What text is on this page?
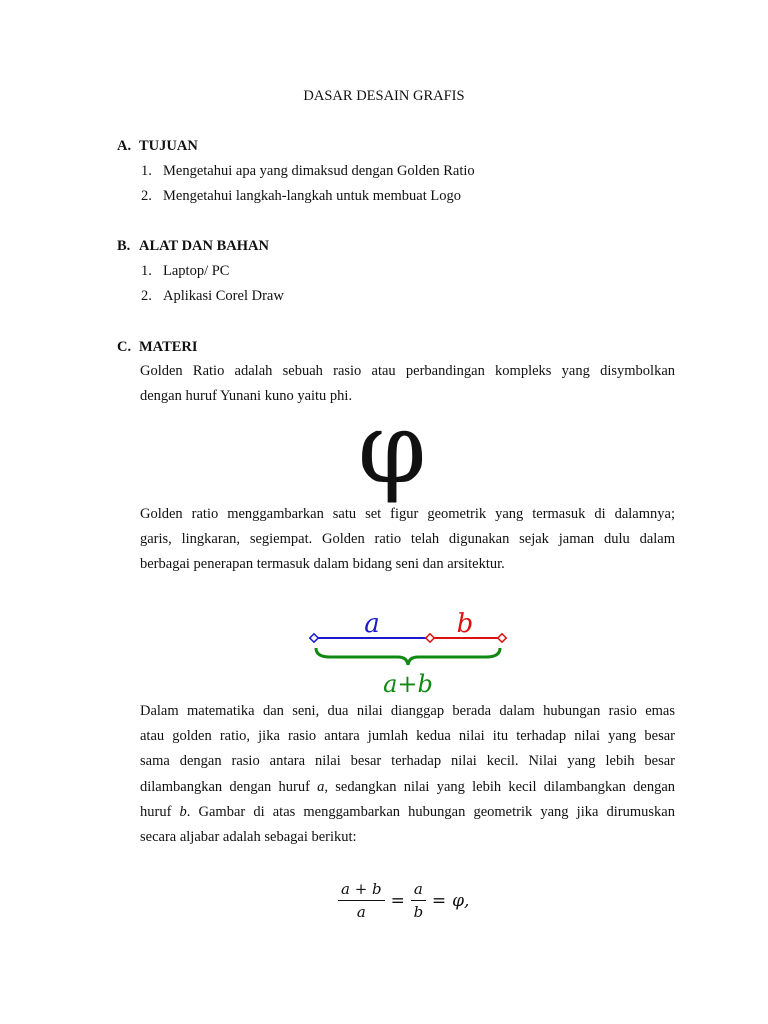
DASAR DESAIN GRAFIS
A. TUJUAN
1. Mengetahui apa yang dimaksud dengan Golden Ratio
2. Mengetahui langkah-langkah untuk membuat Logo
B. ALAT DAN BAHAN
1. Laptop/ PC
2. Aplikasi Corel Draw
C. MATERI
Golden Ratio adalah sebuah rasio atau perbandingan kompleks yang disymbolkan
dengan huruf Yunani kuno yaitu phi. φ
Golden ratio menggambarkan satu set figur geometrik yang termasuk di dalamnya;
garis, lingkaran, segiempat. Golden ratio telah digunakan sejak jaman dulu dalam
berbagai penerapan termasuk dalam bidang seni dan arsitektur.
a	b
a+b
Dalam matematika dan seni, dua nilai dianggap berada dalam hubungan rasio emas
atau golden ratio, jika rasio antara jumlah kedua nilai itu terhadap nilai yang besar
sama dengan rasio antara nilai besar terhadap nilai kecil. Nilai yang lebih besar
dilambangkan dengan huruf a, sedangkan nilai yang lebih kecil dilambangkan dengan
huruf b. Gambar di atas menggambarkan hubungan geometrik yang jika dirumuskan
secara aljabar adalah sebagai berikut:
$\frac{a + b}{a} = \frac{a}{b} = \varphi$,
